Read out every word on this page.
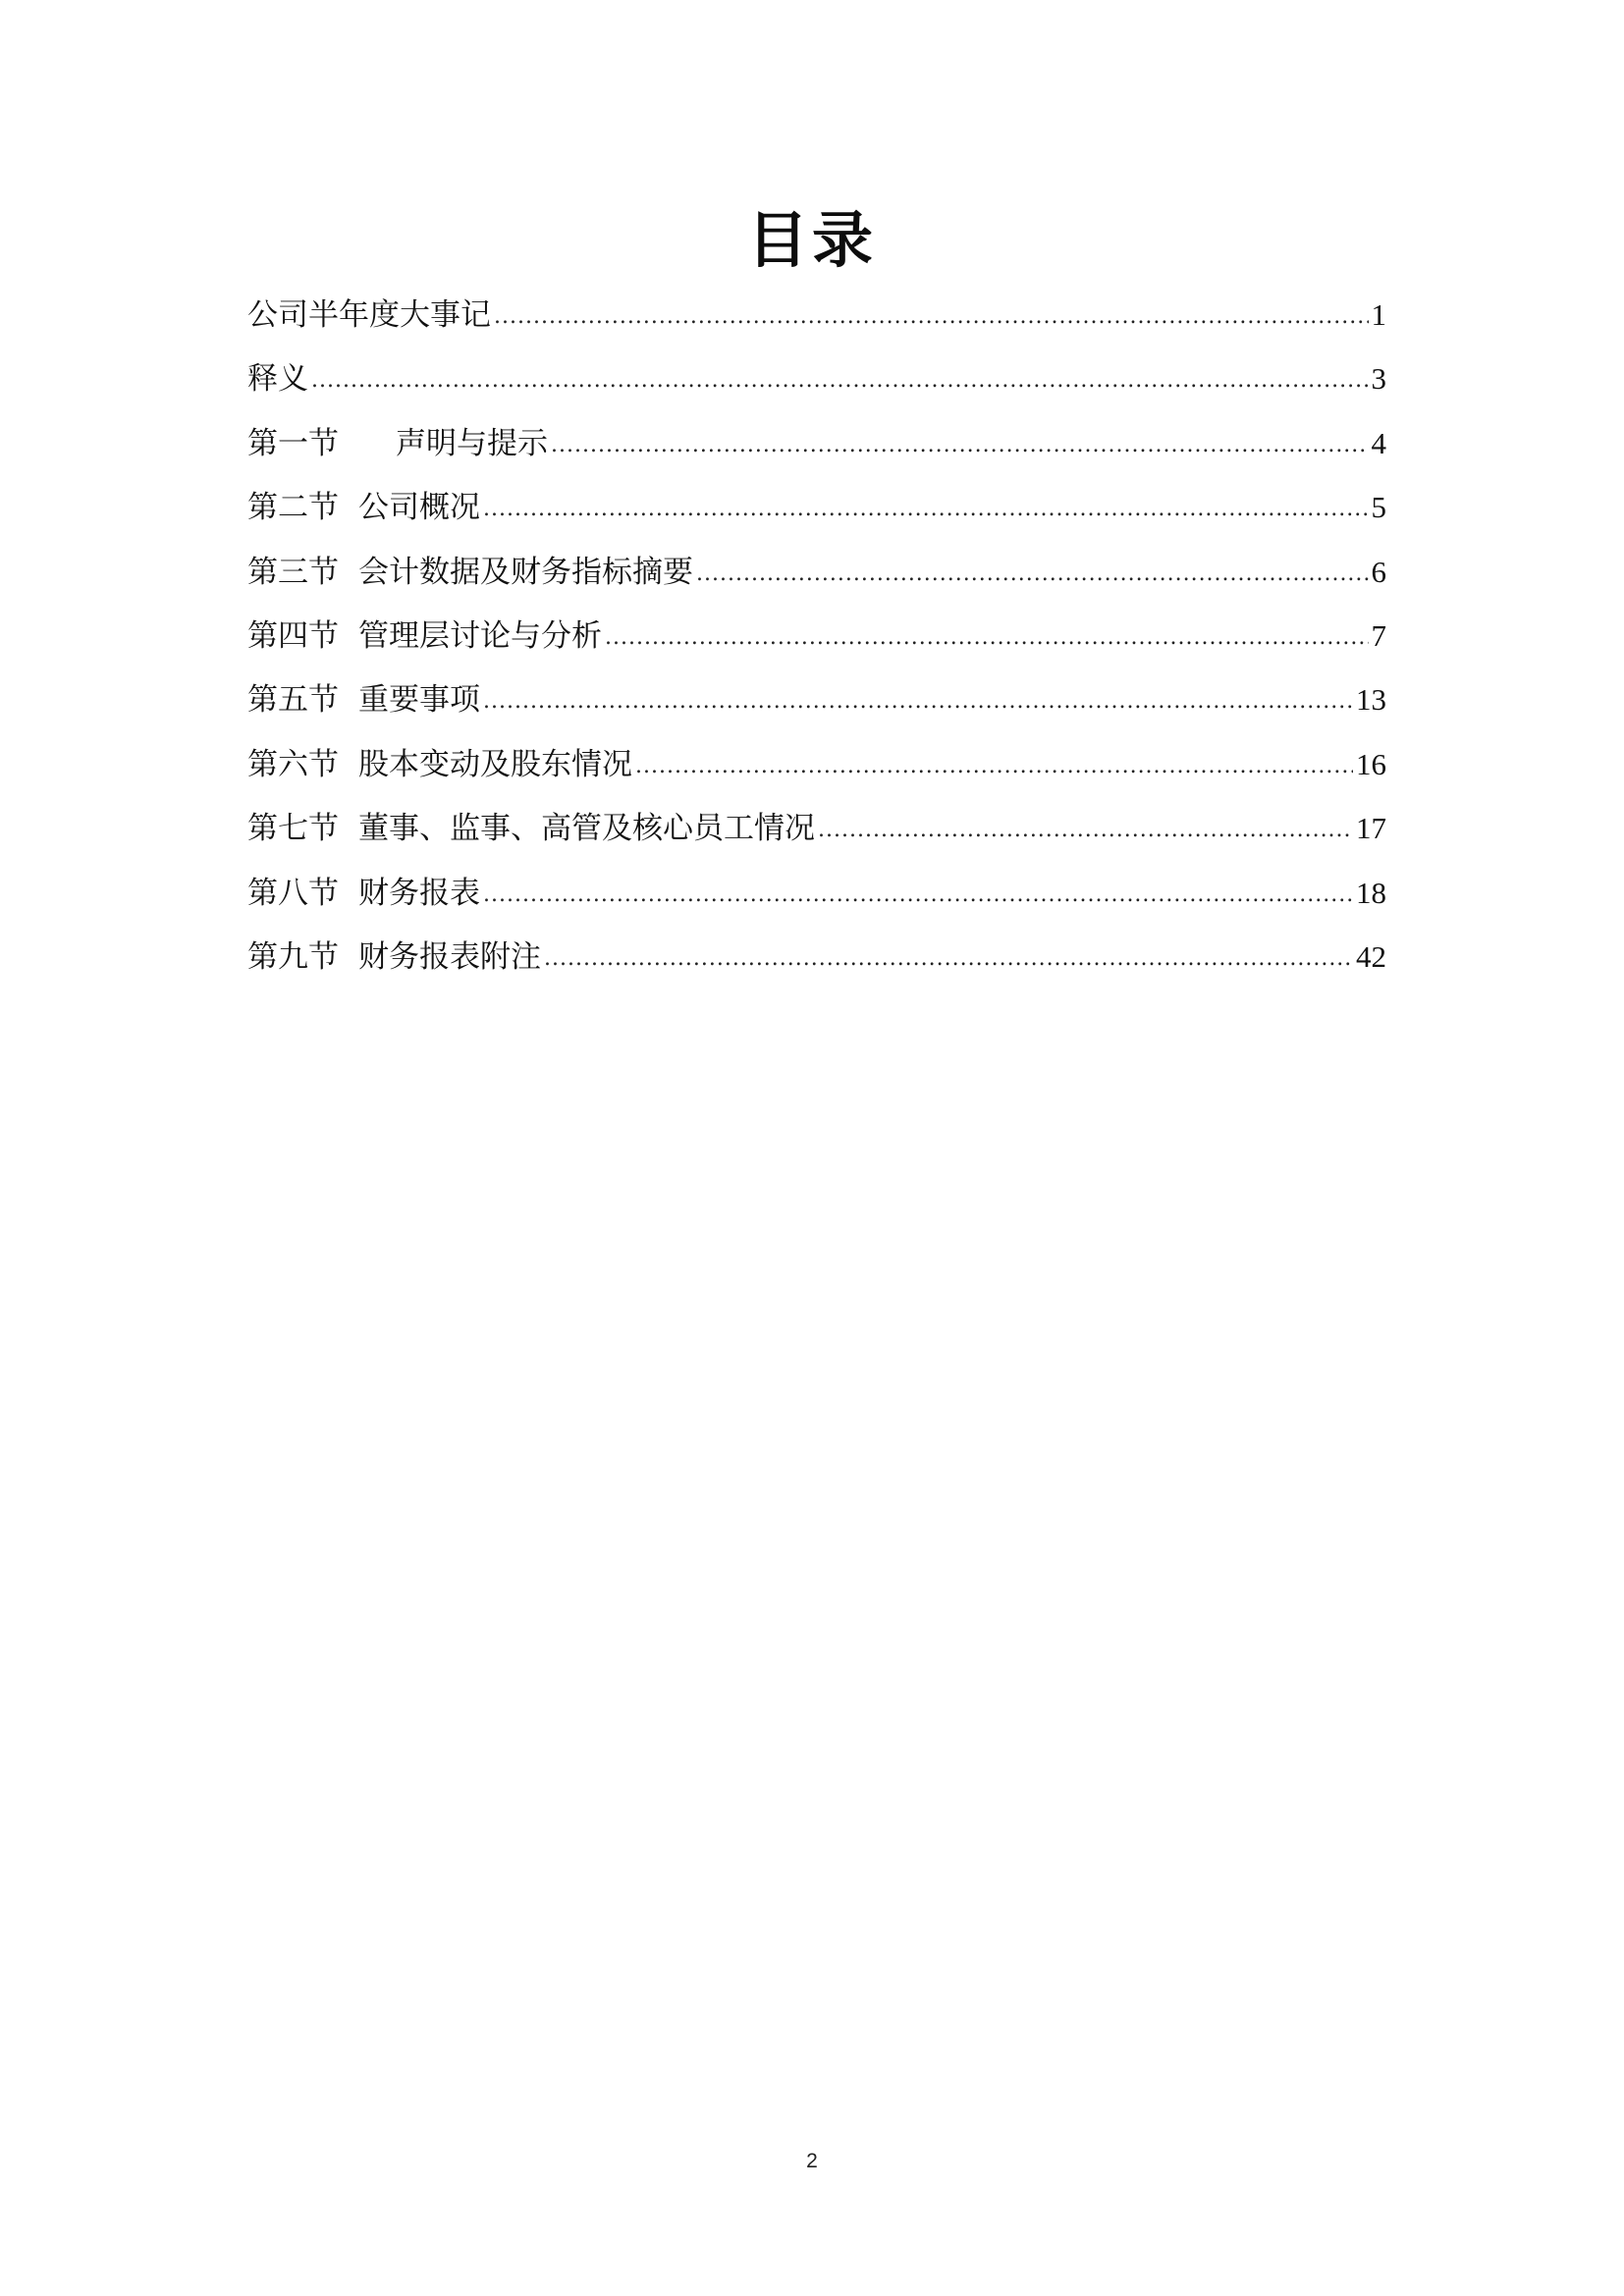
目录
公司半年度大事记 .....	1
释义 .....	3
第一节 声明与提示 .....	4
第二节 公司概况 .....	5
第三节 会计数据及财务指标摘要 .....	6
第四节 管理层讨论与分析 .....	7
第五节 重要事项 .....	13
第六节 股本变动及股东情况 .....	16
第七节 董事、监事、高管及核心员工情况 .....	17
第八节 财务报表 .....	18
第九节 财务报表附注 .....	42
2
